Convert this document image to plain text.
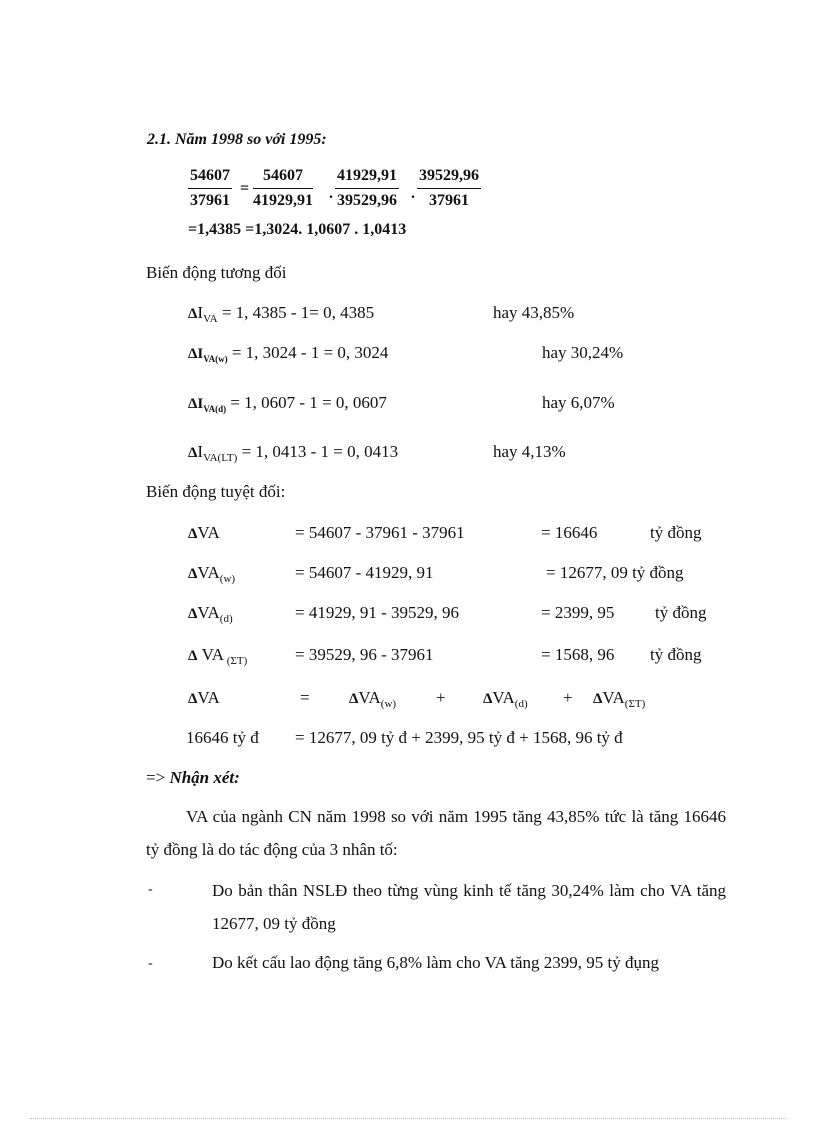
2.1. Năm 1998 so với 1995:
$\frac{54607}{37961} = \frac{54607}{41929,91}$ . $\frac{41929,91}{39529,96}$ . $\frac{39529,96}{37961}$
=1,4385 =1,3024. 1,0607 . 1,0413
Biến động tương đối
$\Delta I_{VA} = 1$, 4385 - 1= 0, 4385	hay 43,85%
$\Delta I_{VA(w)} = 1$, 3024 - 1 = 0, 3024	hay 30,24%
$\Delta I_{VA(d)} = 1$, 0607 - 1 = 0, 0607	hay 6,07%
$\Delta I_{VA(LT)} = 1$, 0413 - 1 = 0, 0413	hay 4,13%
Biến động tuyệt đối:
ΔVA	= 54607 - 37961 - 37961	= 16646	tỷ đồng
$\Delta VA_{(w)}$	= 54607 - 41929, 91	= 12677, 09 tỷ đồng
$\Delta VA_{(d)}$	= 41929, 91 - 39529, 96	= 2399, 95 tỷ đồng
Δ VA $_{(\Sigma T)}$	= 39529, 96 - 37961	= 1568, 96 tỷ đồng
ΔVA	=	$\Delta VA_{(w)} + \Delta VA_{(d)} + \Delta VA_{(\Sigma T)}$
16646 tỷ đ = 12677, 09 tỷ đ + 2399, 95 tỷ đ + 1568, 96 tỷ đ
=> Nhận xét:
VA của ngành CN năm 1998 so với năm 1995 tăng 43,85% tức là tăng 16646 tỷ đồng là do tác động của 3 nhân tố:
-	Do bản thân NSLĐ theo từng vùng kinh tế tăng 30,24% làm cho VA tăng 12677, 09 tỷ đồng
-	Do kết cấu lao động tăng 6,8% làm cho VA tăng 2399, 95 tỷ đụng
